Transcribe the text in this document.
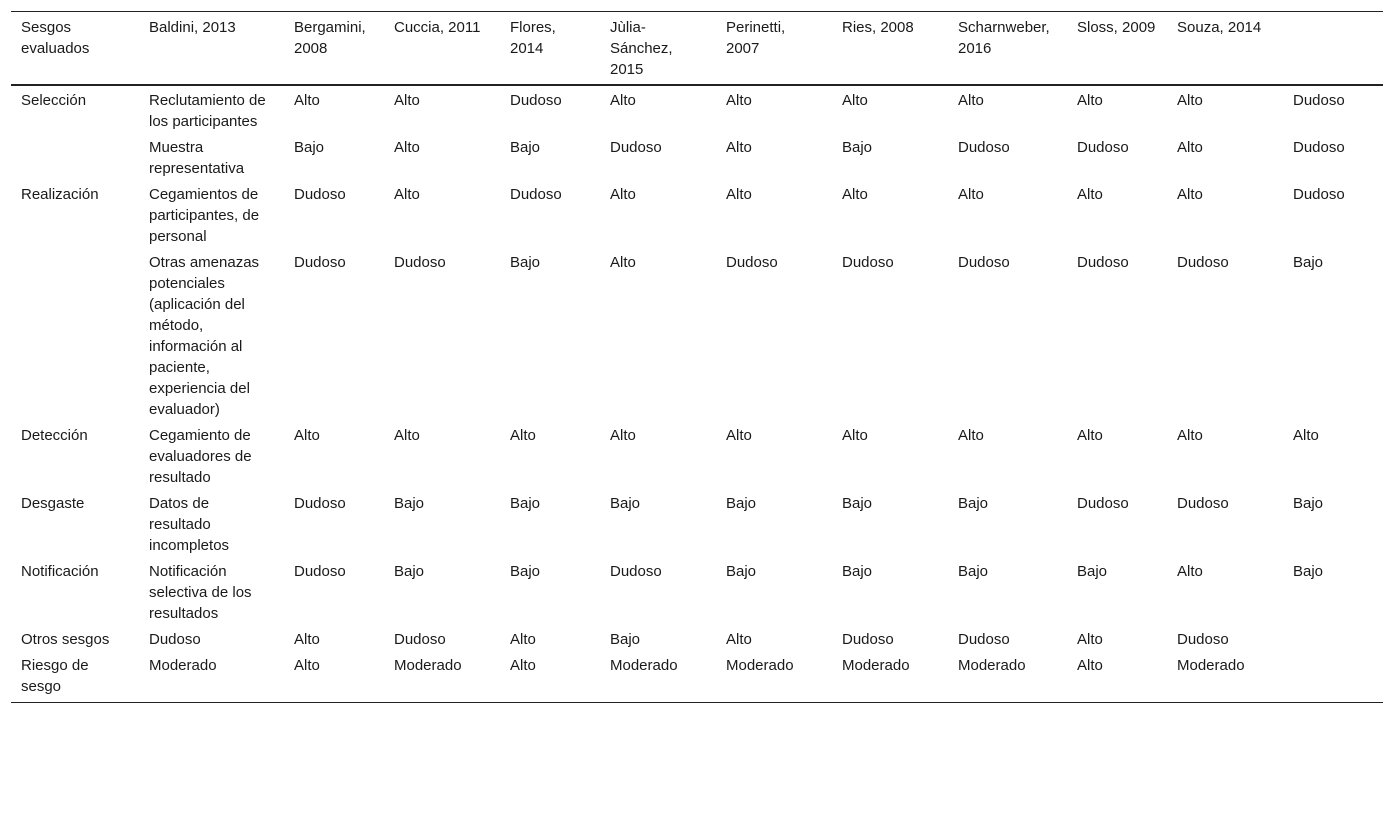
Sesgos evaluados	Baldini, 2013	Bergamini, 2008	Cuccia, 2011	Flores, 2014	Jùlia-Sánchez, 2015	Perinetti, 2007	Ries, 2008	Scharnweber, 2016	Sloss, 2009	Souza, 2014	
Selección	Reclutamiento de los participantes	Alto	Alto	Dudoso	Alto	Alto	Alto	Alto	Alto	Alto	Dudoso
	Muestra representativa	Bajo	Alto	Bajo	Dudoso	Alto	Bajo	Dudoso	Dudoso	Alto	Dudoso
Realización	Cegamientos de participantes, de personal	Dudoso	Alto	Dudoso	Alto	Alto	Alto	Alto	Alto	Alto	Dudoso
	Otras amenazas potenciales (aplicación del método, información al paciente, experiencia del evaluador)	Dudoso	Dudoso	Bajo	Alto	Dudoso	Dudoso	Dudoso	Dudoso	Dudoso	Bajo
Detección	Cegamiento de evaluadores de resultado	Alto	Alto	Alto	Alto	Alto	Alto	Alto	Alto	Alto	Alto
Desgaste	Datos de resultado incompletos	Dudoso	Bajo	Bajo	Bajo	Bajo	Bajo	Bajo	Dudoso	Dudoso	Bajo
Notificación	Notificación selectiva de los resultados	Dudoso	Bajo	Bajo	Dudoso	Bajo	Bajo	Bajo	Bajo	Alto	Bajo
Otros sesgos	Dudoso	Alto	Dudoso	Alto	Bajo	Alto	Dudoso	Dudoso	Alto	Dudoso	
Riesgo de sesgo	Moderado	Alto	Moderado	Alto	Moderado	Moderado	Moderado	Moderado	Alto	Moderado	
